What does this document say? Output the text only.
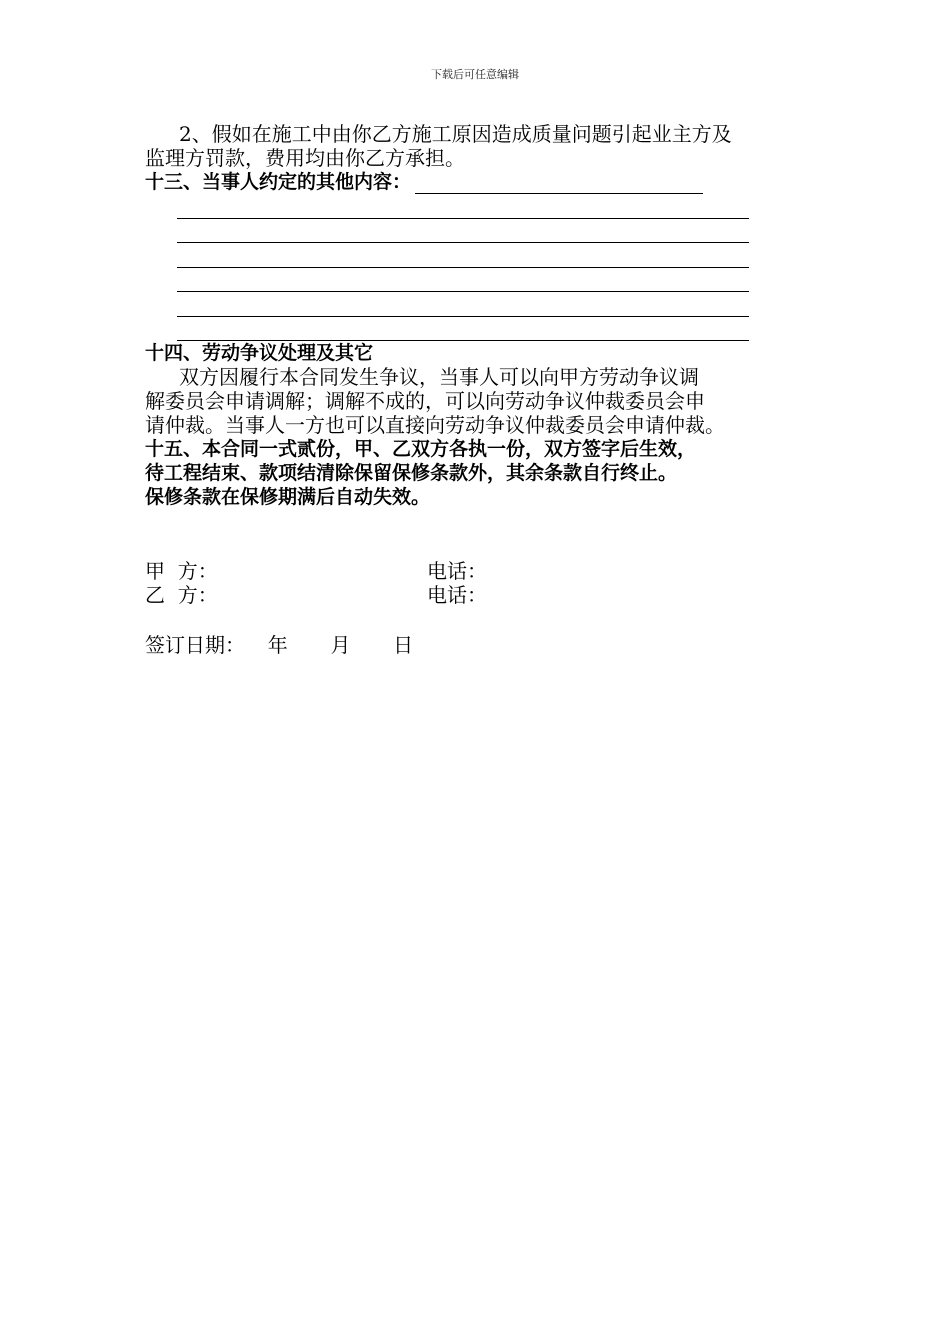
下载后可任意编辑

2、假如在施工中由你乙方施工原因造成质量问题引起业主方及

监理方罚款，费用均由你乙方承担。

十三、当事人约定的其他内容：

十四、劳动争议处理及其它

双方因履行本合同发生争议，当事人可以向甲方劳动争议调

解委员会申请调解；调解不成的，可以向劳动争议仲裁委员会申

请仲裁。当事人一方也可以直接向劳动争议仲裁委员会申请仲裁。

十五、本合同一式贰份，甲、乙双方各执一份，双方签字后生效，

待工程结束、款项结清除保留保修条款外，其余条款自行终止。

保修条款在保修期满后自动失效。

甲  方：	电话：
乙  方：	电话：
签订日期： 年 月 日
